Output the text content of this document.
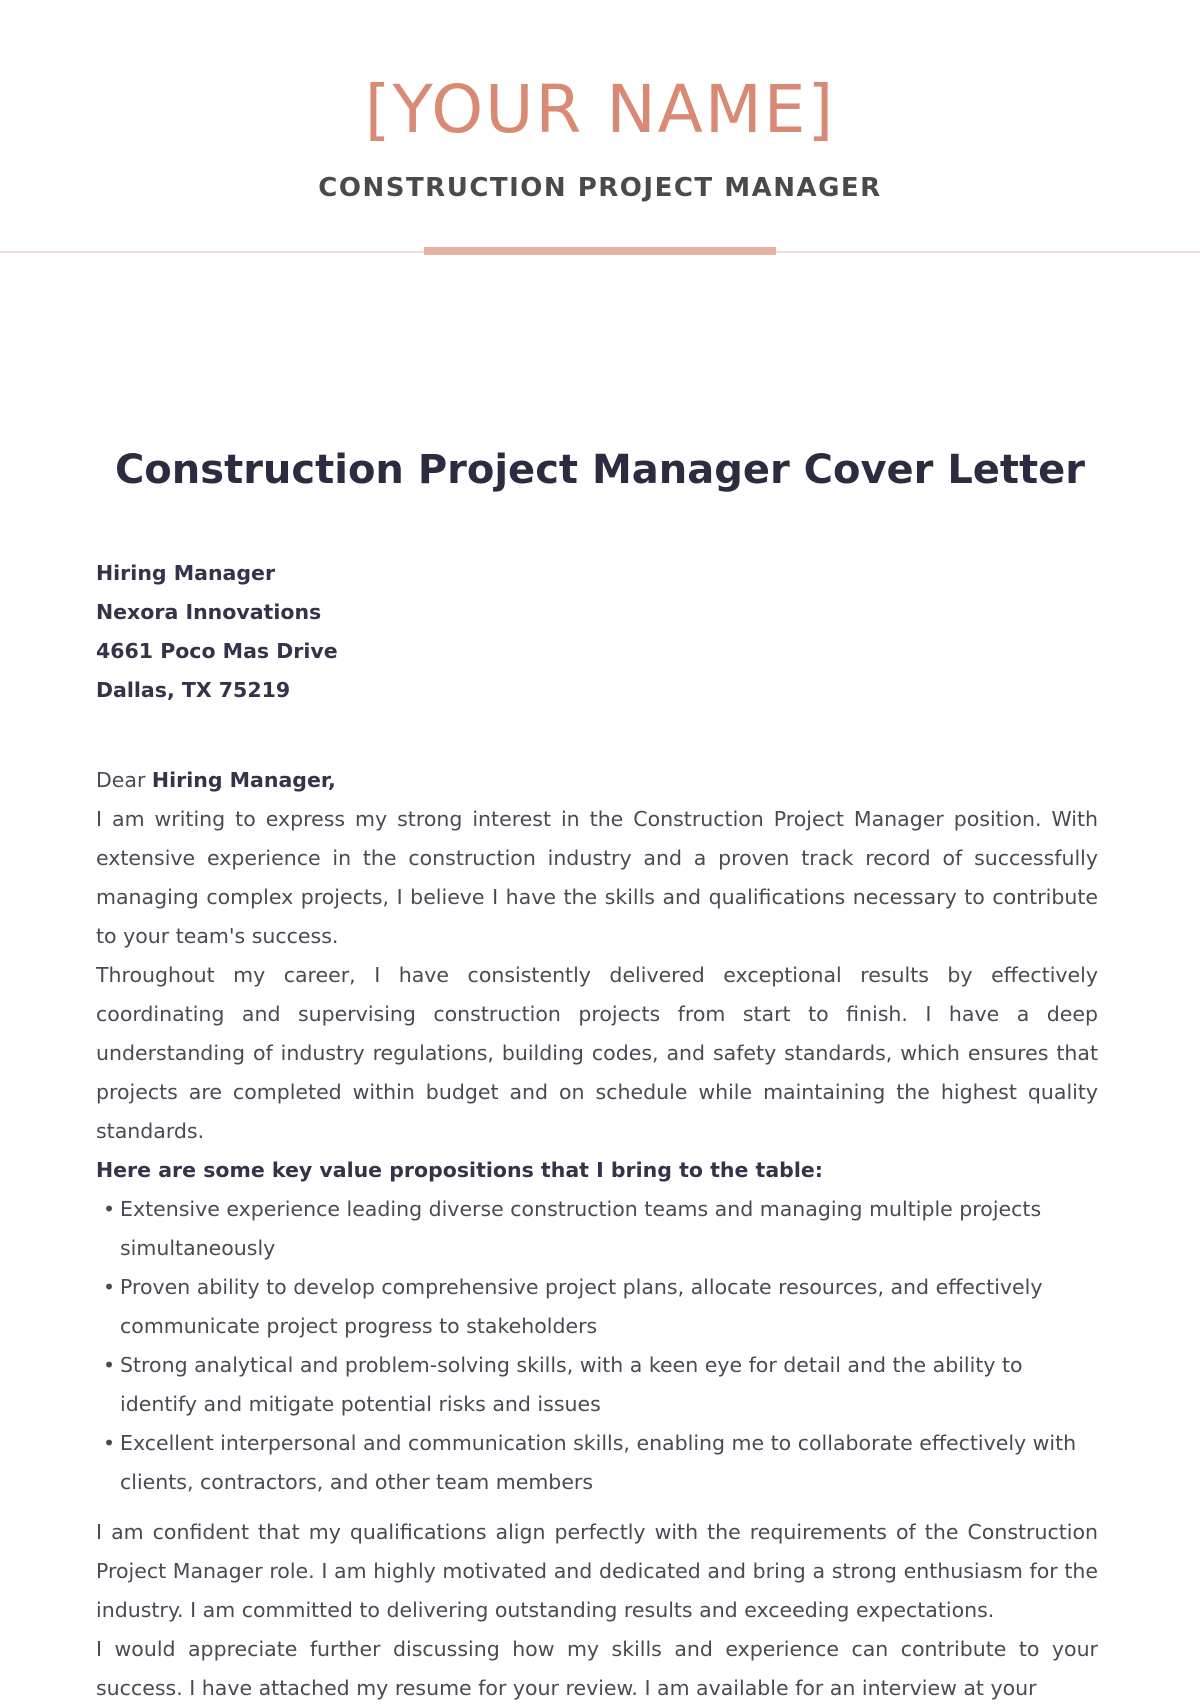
[YOUR NAME]
CONSTRUCTION PROJECT MANAGER
Construction Project Manager Cover Letter
Hiring Manager
Nexora Innovations
4661 Poco Mas Drive
Dallas, TX 75219

Dear Hiring Manager,

I am writing to express my strong interest in the Construction Project Manager position. With extensive experience in the construction industry and a proven track record of successfully managing complex projects, I believe I have the skills and qualifications necessary to contribute to your team's success.

Throughout my career, I have consistently delivered exceptional results by effectively coordinating and supervising construction projects from start to finish. I have a deep understanding of industry regulations, building codes, and safety standards, which ensures that projects are completed within budget and on schedule while maintaining the highest quality standards.

Here are some key value propositions that I bring to the table:

• Extensive experience leading diverse construction teams and managing multiple projects simultaneously
• Proven ability to develop comprehensive project plans, allocate resources, and effectively communicate project progress to stakeholders
• Strong analytical and problem-solving skills, with a keen eye for detail and the ability to identify and mitigate potential risks and issues
• Excellent interpersonal and communication skills, enabling me to collaborate effectively with clients, contractors, and other team members

I am confident that my qualifications align perfectly with the requirements of the Construction Project Manager role. I am highly motivated and dedicated and bring a strong enthusiasm for the industry. I am committed to delivering outstanding results and exceeding expectations.

I would appreciate further discussing how my skills and experience can contribute to your success. I have attached my resume for your review. I am available for an interview at your
